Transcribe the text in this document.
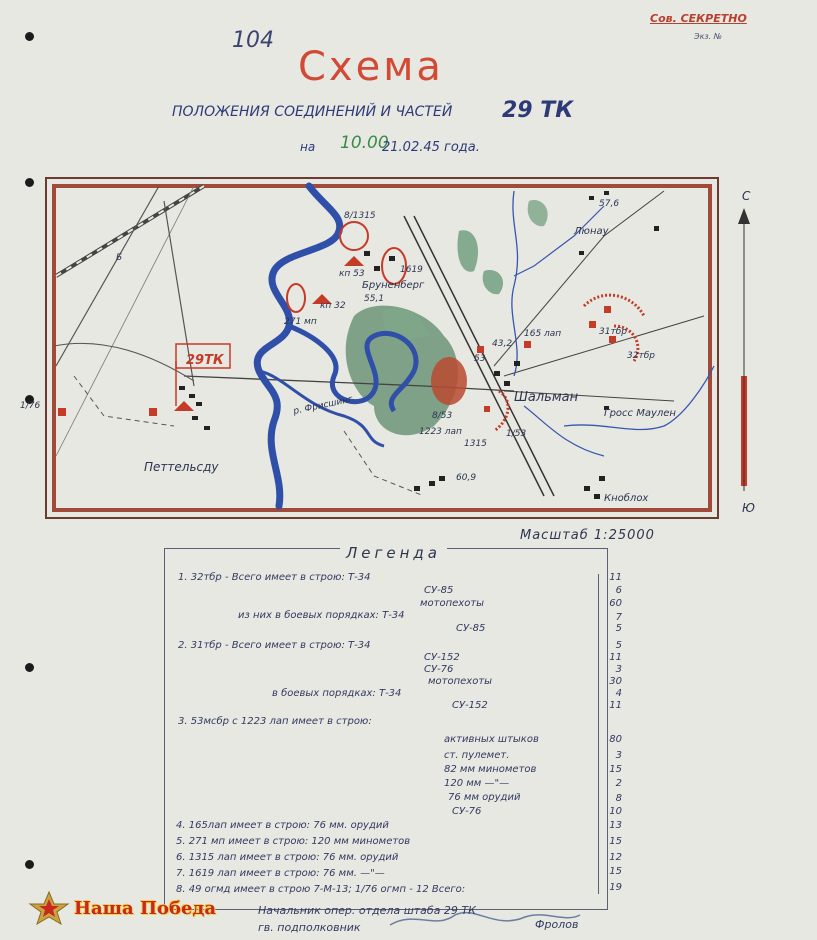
Сов. СЕКРЕТНО
Экз. №
104
Схема
ПОЛОЖЕНИЯ СОЕДИНЕНИЙ И ЧАСТЕЙ 29 ТК
на 10.00
21.02.45 года.
Петтельсду
Бруненберг
Шальман
Люнау
Гросс Маулен
Кноблох
р. Фрисшинг
55,1
43,2
57,6
60,9
29ТК
кп 53
кп 32
271 мп
1619
8/1315
165 лап	31тбр
32тбр
53
1223 лап
1315
8/53
1/53
1/76
Б
С
Ю
Масштаб 1:25000
Легенда
1. 32тбр - Всего имеет в строю: Т-34	11
СУ-85	6
мотопехоты	60
из них в боевых порядках: Т-34	7
СУ-85	5
2. 31тбр - Всего имеет в строю: Т-34	5
СУ-152	11
СУ-76	3
мотопехоты	30
в боевых порядках: Т-34	4
СУ-152	11
3. 53мсбр с 1223 лап имеет в строю:
активных штыков	80
ст. пулемет.	3
82 мм минометов	15
120 мм —"—	2
76 мм орудий	8
СУ-76	10
4. 165лап имеет в строю: 76 мм. орудий	13
5. 271 мп имеет в строю: 120 мм минометов	15
6. 1315 лап имеет в строю: 76 мм. орудий	12
7. 1619 лап имеет в строю: 76 мм. —"—	15
8. 49 огмд имеет в строю 7-М-13; 1/76 огмп - 12 Всего:	19
Начальник опер. отдела штаба 29 ТК
гв. подполковник	Фролов
Наша Победа
